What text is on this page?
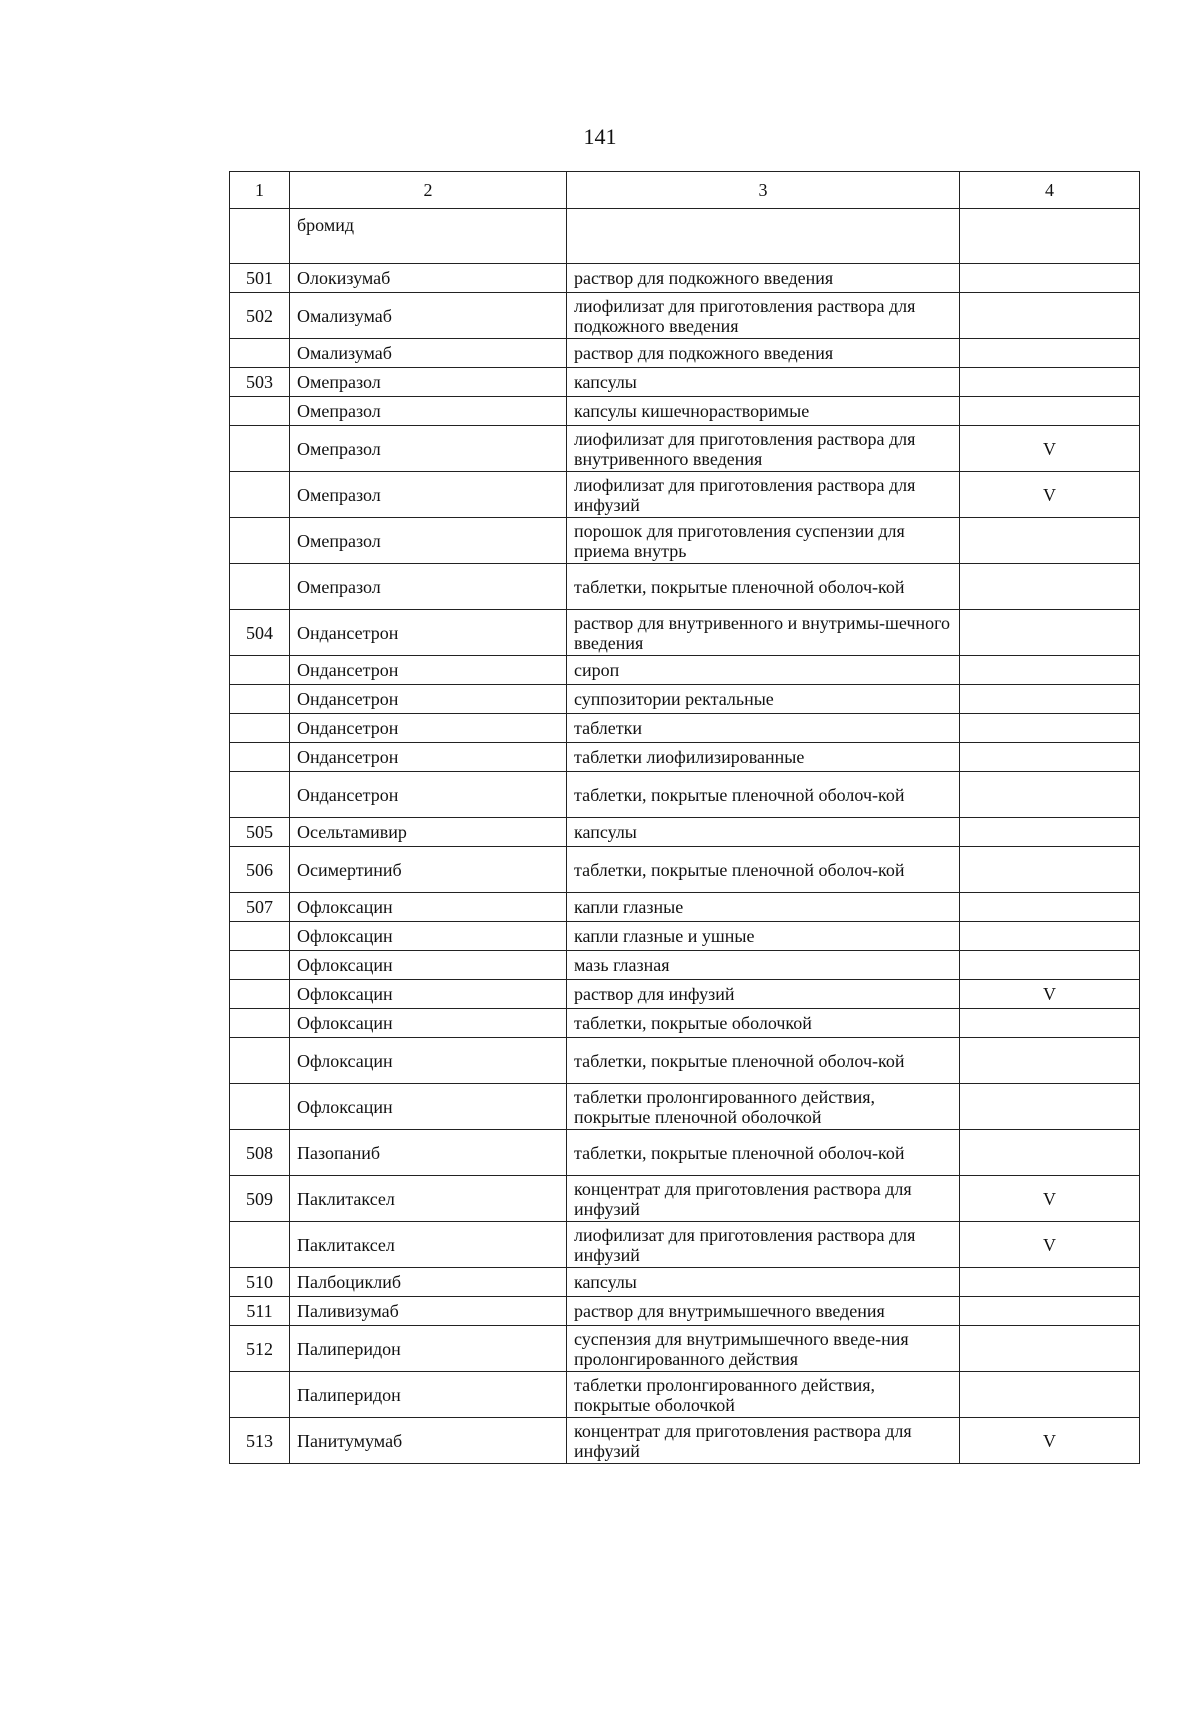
141
1	2	3	4
	бромид		
501	Олокизумаб	раствор для подкожного введения	
502	Омализумаб	лиофилизат для приготовления раствора для подкожного введения	
	Омализумаб	раствор для подкожного введения	
503	Омепразол	капсулы	
	Омепразол	капсулы кишечнорастворимые	
	Омепразол	лиофилизат для приготовления раствора для внутривенного введения	V
	Омепразол	лиофилизат для приготовления раствора для инфузий	V
	Омепразол	порошок для приготовления суспензии для приема внутрь	
	Омепразол	таблетки, покрытые пленочной оболоч-кой	
504	Ондансетрон	раствор для внутривенного и внутримы-шечного введения	
	Ондансетрон	сироп	
	Ондансетрон	суппозитории ректальные	
	Ондансетрон	таблетки	
	Ондансетрон	таблетки лиофилизированные	
	Ондансетрон	таблетки, покрытые пленочной оболоч-кой	
505	Осельтамивир	капсулы	
506	Осимертиниб	таблетки, покрытые пленочной оболоч-кой	
507	Офлоксацин	капли глазные	
	Офлоксацин	капли глазные и ушные	
	Офлоксацин	мазь глазная	
	Офлоксацин	раствор для инфузий	V
	Офлоксацин	таблетки, покрытые оболочкой	
	Офлоксацин	таблетки, покрытые пленочной оболоч-кой	
	Офлоксацин	таблетки пролонгированного действия, покрытые пленочной оболочкой	
508	Пазопаниб	таблетки, покрытые пленочной оболоч-кой	
509	Паклитаксел	концентрат для приготовления раствора для инфузий	V
	Паклитаксел	лиофилизат для приготовления раствора для инфузий	V
510	Палбоциклиб	капсулы	
511	Паливизумаб	раствор для внутримышечного введения	
512	Палиперидон	суспензия для внутримышечного введе-ния пролонгированного действия	
	Палиперидон	таблетки пролонгированного действия, покрытые оболочкой	
513	Панитумумаб	концентрат для приготовления раствора для инфузий	V
